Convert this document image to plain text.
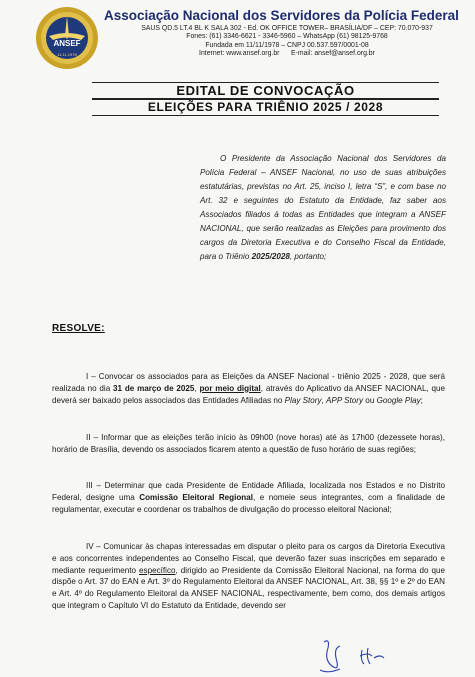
ANSEF
11.11.1978
Associação Nacional dos Servidores da Polícia Federal
SAUS QD.5 LT.4 BL K SALA 302 - Ed. OK OFFICE TOWER– BRASÍLIA/DF – CEP: 70.070-937
Fones: (61) 3346-6621 - 3346-5960 – WhatsApp (61) 98125-9768
Fundada em 11/11/1978 – CNPJ 00.537.597/0001-08
Internet: www.ansef.org.br      E-mail: ansef@ansef.org.br
EDITAL DE CONVOCAÇÃO
ELEIÇÕES PARA TRIÊNIO 2025 / 2028
O Presidente da Associação Nacional dos Servidores da Polícia Federal – ANSEF Nacional, no uso de suas atribuições estatutárias, previstas no Art. 25, inciso I, letra “S”, e com base no Art. 32 e seguintes do Estatuto da Entidade, faz saber aos Associados filiados à todas as Entidades que integram a ANSEF NACIONAL, que serão realizadas as Eleições para provimento dos cargos da Diretoria Executiva e do Conselho Fiscal da Entidade, para o Triênio 2025/2028, portanto;
RESOLVE:
I – Convocar os associados para as Eleições da ANSEF Nacional - triênio 2025 - 2028, que será realizada no dia 31 de março de 2025, por meio digital, através do Aplicativo da ANSEF NACIONAL, que deverá ser baixado pelos associados das Entidades Afiliadas no Play Story, APP Story ou Google Play;
II – Informar que as eleições terão início às 09h00 (nove horas) até às 17h00 (dezessete horas), horário de Brasília, devendo os associados ficarem atento a questão de fuso horário de suas regiões;
III – Determinar que cada Presidente de Entidade Afiliada, localizada nos Estados e no Distrito Federal, designe uma Comissão Eleitoral Regional, e nomeie seus integrantes, com a finalidade de regulamentar, executar e coordenar os trabalhos de divulgação do processo eleitoral Nacional;
IV – Comunicar às chapas interessadas em disputar o pleito para os cargos da Diretoria Executiva e aos concorrentes independentes ao Conselho Fiscal, que deverão fazer suas inscrições em separado e mediante requerimento específico, dirigido ao Presidente da Comissão Eleitoral Nacional, na forma do que dispõe o Art. 37 do EAN e Art. 3º do Regulamento Eleitoral da ANSEF NACIONAL, Art. 38, §§ 1º e 2º do EAN e Art. 4º do Regulamento Eleitoral da ANSEF NACIONAL, respectivamente, bem como, dos demais artigos que integram o Capítulo VI do Estatuto da Entidade, devendo ser
